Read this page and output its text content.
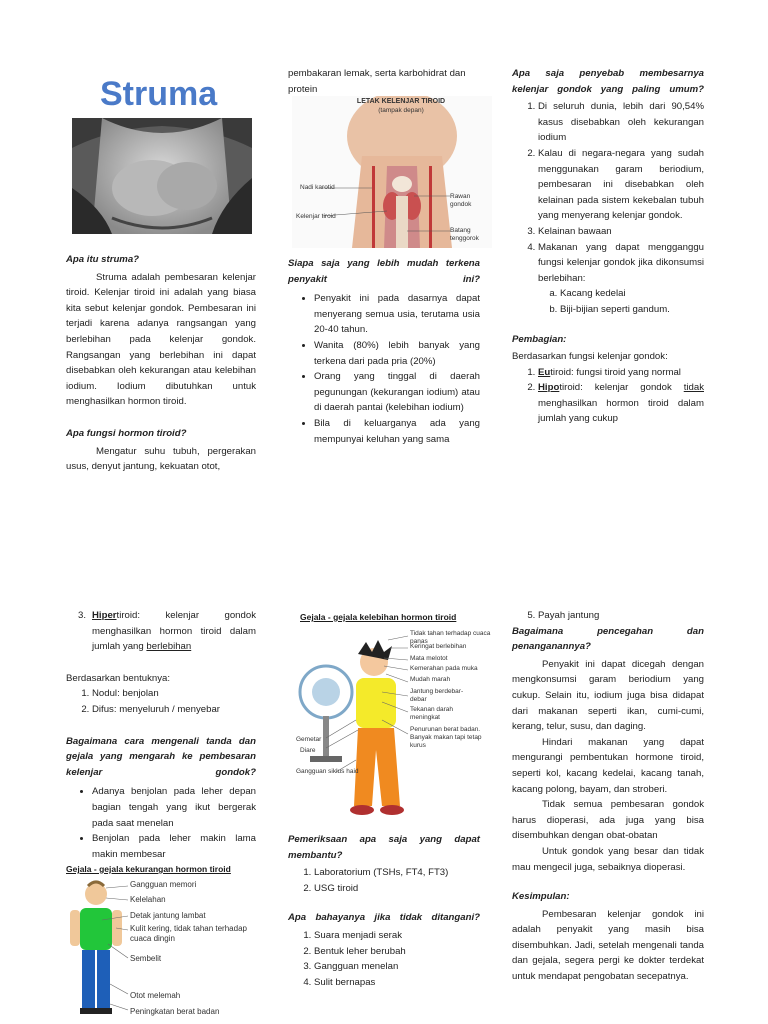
Struma
Apa itu struma?

Struma adalah pembesaran kelenjar tiroid. Kelenjar tiroid ini adalah yang biasa kita sebut kelenjar gondok. Pembesaran ini terjadi karena adanya rangsangan yang berlebihan pada kelenjar gondok. Rangsangan yang berlebihan ini dapat disebabkan oleh kekurangan atau kelebihan iodium. Iodium dibutuhkan untuk menghasilkan hormon tiroid.

Apa fungsi hormon tiroid?

Mengatur suhu tubuh, pergerakan usus, denyut jantung, kekuatan otot,

pembakaran lemak, serta karbohidrat dan protein

LETAK KELENJAR TIROID
(tampak depan)
Nadi karotid
Kelenjar tiroid
Rawan gondok
Batang tenggorok
Siapa saja yang lebih mudah terkena penyakit ini?
• Penyakit ini pada dasarnya dapat menyerang semua usia, terutama usia 20-40 tahun.
• Wanita (80%) lebih banyak yang terkena dari pada pria (20%)
• Orang yang tinggal di daerah pegunungan (kekurangan iodium) atau di daerah pantai (kelebihan iodium)
• Bila di keluarganya ada yang mempunyai keluhan yang sama
Apa saja penyebab membesarnya kelenjar gondok yang paling umum?
1. Di seluruh dunia, lebih dari 90,54% kasus disebabkan oleh kekurangan iodium
2. Kalau di negara-negara yang sudah menggunakan garam beriodium, pembesaran ini disebabkan oleh kelainan pada sistem kekebalan tubuh yang menyerang kelenjar gondok.
3. Kelainan bawaan
4. Makanan yang dapat mengganggu fungsi kelenjar gondok jika dikonsumsi berlebihan:
a. Kacang kedelai
b. Biji-bijian seperti gandum.
Pembagian:

Berdasarkan fungsi kelenjar gondok:

1. Eutiroid: fungsi tiroid yang normal
2. Hipotiroid: kelenjar gondok tidak menghasilkan hormon tiroid dalam jumlah yang cukup
3. Hipertiroid: kelenjar gondok menghasilkan hormon tiroid dalam jumlah yang berlebihan

Berdasarkan bentuknya:

1. Nodul: benjolan
2. Difus: menyeluruh / menyebar
Bagaimana cara mengenali tanda dan gejala yang mengarah ke pembesaran kelenjar gondok?
• Adanya benjolan pada leher depan bagian tengah yang ikut bergerak pada saat menelan
• Benjolan pada leher makin lama makin membesar
Gejala - gejala kekurangan hormon tiroid
Gangguan memori
Kelelahan
Detak jantung lambat
Kulit kering, tidak tahan terhadap cuaca dingin
Sembelit
Otot melemah
Peningkatan berat badan
Gejala - gejala kelebihan hormon tiroid
Tidak tahan terhadap cuaca panas
Keringat berlebihan
Mata melotot
Kemerahan pada muka
Mudah marah
Jantung berdebar-debar
Tekanan darah meningkat
Penurunan berat badan. Banyak makan tapi tetap kurus
Gemetar
Diare
Gangguan siklus haid
Pemeriksaan apa saja yang dapat membantu?
1. Laboratorium (TSHs, FT4, FT3)
2. USG tiroid
Apa bahayanya jika tidak ditangani?
1. Suara menjadi serak
2. Bentuk leher berubah
3. Gangguan menelan
4. Sulit bernapas
5. Payah jantung
Bagaimana pencegahan dan penanganannya?

Penyakit ini dapat dicegah dengan mengkonsumsi garam beriodium yang cukup. Selain itu, iodium juga bisa didapat dari makanan seperti ikan, cumi-cumi, kerang, telur, susu, dan daging.

Hindari makanan yang dapat mengurangi pembentukan hormone tiroid, seperti kol, kacang kedelai, kacang tanah, kacang polong, bayam, dan stroberi.

Tidak semua pembesaran gondok harus dioperasi, ada juga yang bisa disembuhkan dengan obat-obatan

Untuk gondok yang besar dan tidak mau mengecil juga, sebaiknya dioperasi.

Kesimpulan:

Pembesaran kelenjar gondok ini adalah penyakit yang masih bisa disembuhkan. Jadi, setelah mengenali tanda dan gejala, segera pergi ke dokter terdekat untuk mendapat pengobatan secepatnya.
